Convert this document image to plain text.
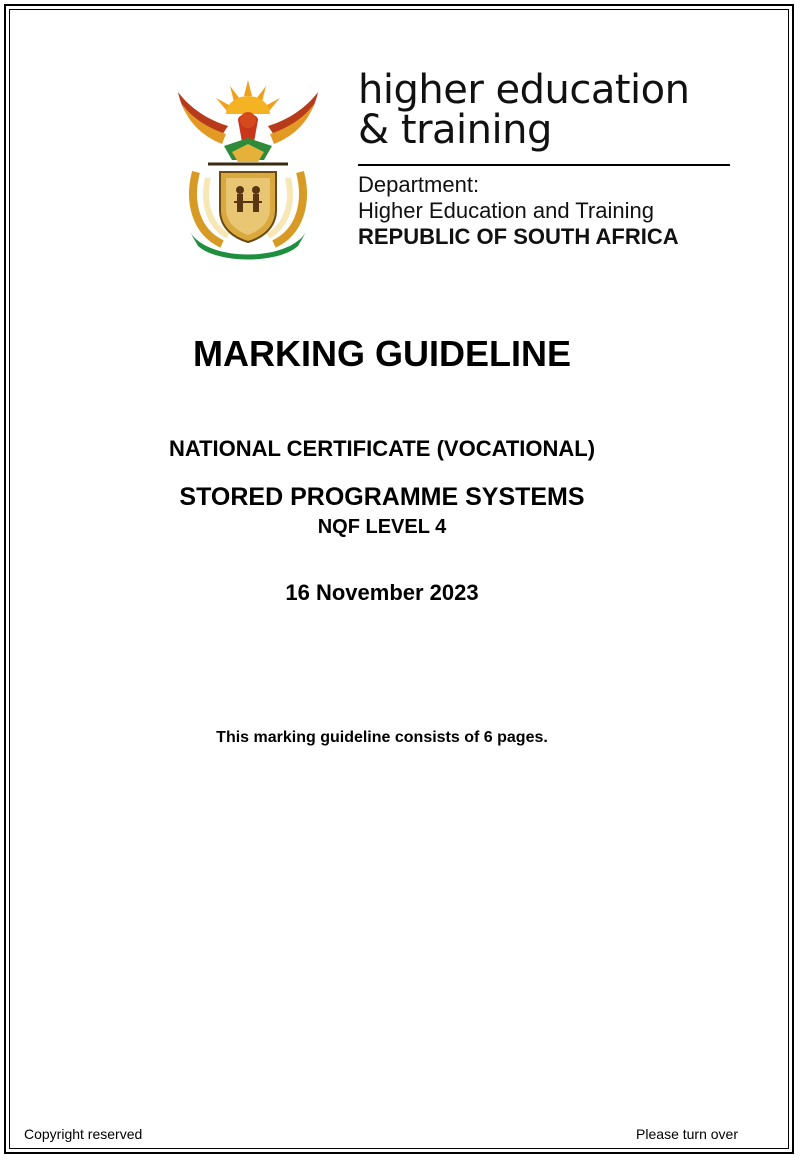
higher education
& training
Department:
Higher Education and Training
REPUBLIC OF SOUTH AFRICA
MARKING GUIDELINE
NATIONAL CERTIFICATE (VOCATIONAL)
STORED PROGRAMME SYSTEMS
NQF LEVEL 4
16 November 2023
This marking guideline consists of 6 pages.
Copyright reserved	Please turn over
